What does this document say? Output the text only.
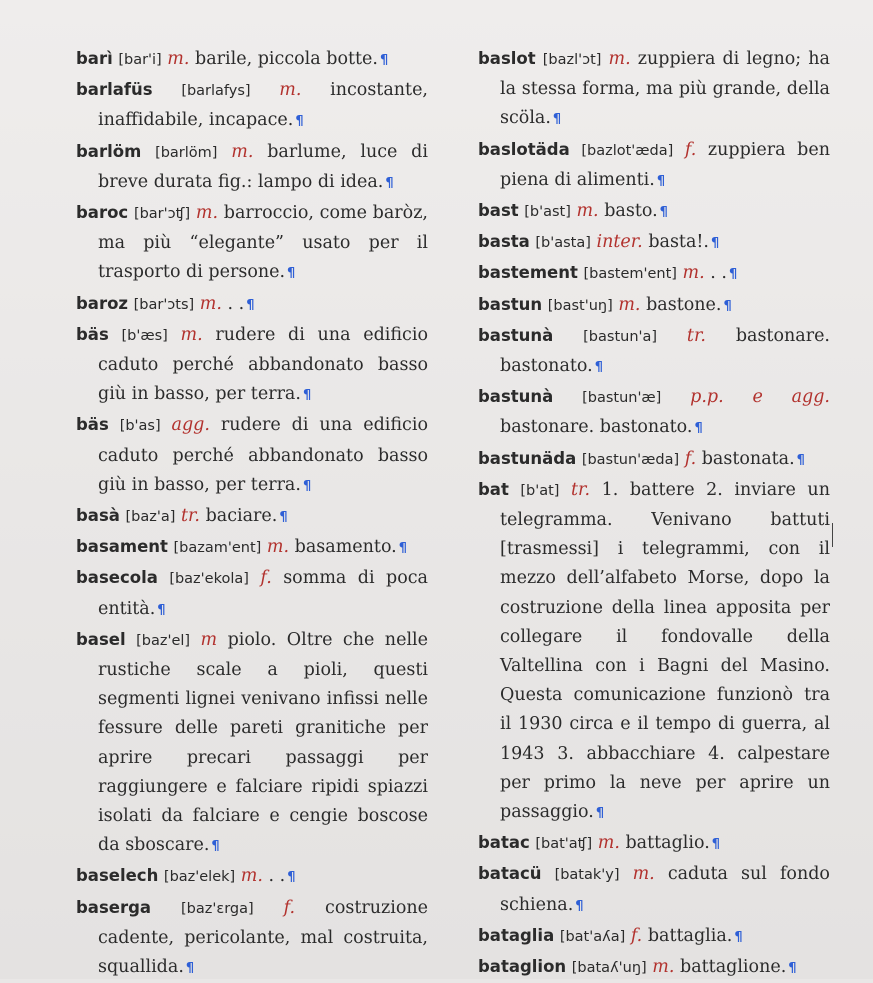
barì [bar'i] m. barile, piccola botte. ¶

barlafüs [barlafys] m. incostante, inaffidabile, incapace. ¶

barlöm [barlöm] m. barlume, luce di breve durata fig.: lampo di idea. ¶

baroc [bar'ɔʧ] m. barroccio, come baròz, ma più “elegante” usato per il trasporto di persone. ¶

baroz [bar'ɔts] m. . . ¶

bäs [b'æs] m. rudere di una edificio caduto perché abbandonato basso giù in basso, per terra. ¶

bäs [b'as] agg. rudere di una edificio caduto perché abbandonato basso giù in basso, per terra. ¶

basà [baz'a] tr. baciare. ¶

basament [bazam'ent] m. basamento. ¶

basecola [baz'ekola] f. somma di poca entità. ¶

basel [baz'el] m piolo. Oltre che nelle rustiche scale a pioli, questi segmenti lignei venivano infissi nelle fessure delle pareti granitiche per aprire precari passaggi per raggiungere e falciare ripidi spiazzi isolati da falciare e cengie boscose da sboscare. ¶

baselech [baz'elek] m. . . ¶

baserga [baz'ɛrga] f. costruzione cadente, pericolante, mal costruita, squallida. ¶

baslot [bazl'ɔt] m. zuppiera di legno; ha la stessa forma, ma più grande, della scöla. ¶

baslotäda [bazlot'æda] f. zuppiera ben piena di alimenti. ¶

bast [b'ast] m. basto. ¶

basta [b'asta] inter. basta!. ¶

bastement [bastem'ent] m. . . ¶

bastun [bast'uŋ] m. bastone. ¶

bastunà [bastun'a] tr. bastonare. bastonato. ¶

bastunà [bastun'æ] p.p. e agg. bastonare. bastonato. ¶

bastunäda [bastun'æda] f. bastonata. ¶

bat [b'at] tr. 1. battere 2. inviare un telegramma. Venivano battuti [trasmessi] i telegrammi, con il mezzo dell’alfabeto Morse, dopo la costruzione della linea apposita per collegare il fondovalle della Valtellina con i Bagni del Masino. Questa comunicazione funzionò tra il 1930 circa e il tempo di guerra, al 1943 3. abbacchiare 4. calpestare per primo la neve per aprire un passaggio. ¶

batac [bat'aʧ] m. battaglio. ¶

batacü [batak'y] m. caduta sul fondo schiena. ¶

bataglia [bat'aʎa] f. battaglia. ¶

bataglion [bataʎ'uŋ] m. battaglione. ¶
